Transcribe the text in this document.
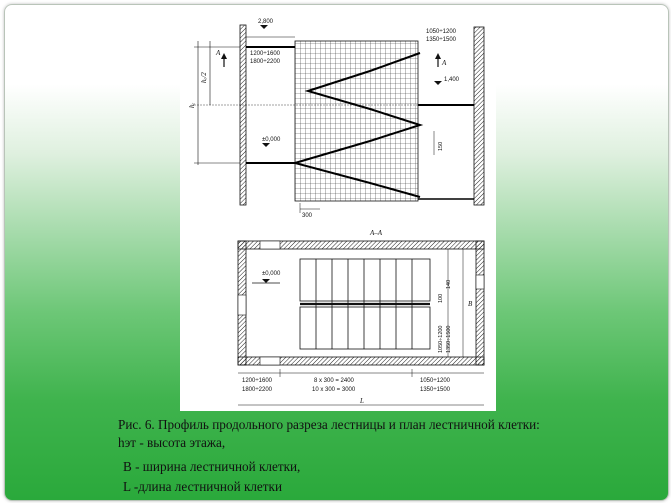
2,800
1200÷1600
1800÷2200
1050÷1200
1350÷1500
1,400
±0,000
300
150
hₑ/2
hₑ
А
А
А–А
±0,000
1200÷1600
1800÷2200
8 x 300 = 2400
10 x 300 = 3000
1050÷1200
1350÷1500
1050÷1200 1350÷1500
100
140
B
L
Рис. 6. Профиль продольного разреза лестницы и план лестничной клетки:
hэт - высота этажа,
В - ширина лестничной клетки,
L -длина лестничной клетки
